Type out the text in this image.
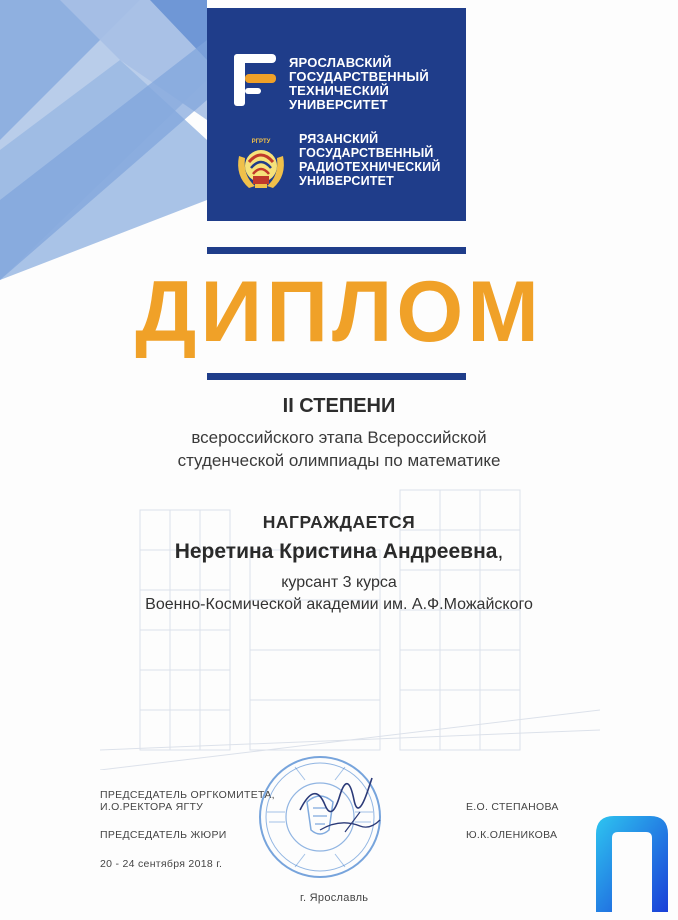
ЯРОСЛАВСКИЙ
ГОСУДАРСТВЕННЫЙ
ТЕХНИЧЕСКИЙ
УНИВЕРСИТЕТ
РГРТУ РЯЗАНСКИЙ
ГОСУДАРСТВЕННЫЙ
РАДИОТЕХНИЧЕСКИЙ
УНИВЕРСИТЕТ
ДИПЛОМ
II СТЕПЕНИ
всероссийского этапа Всероссийской
студенческой олимпиады по математике
НАГРАЖДАЕТСЯ
Неретина Кристина Андреевна,
курсант 3 курса
Военно-Космической академии им. А.Ф.Можайского
ПРЕДСЕДАТЕЛЬ ОРГКОМИТЕТА,
И.О.РЕКТОРА ЯГТУ	Е.О. СТЕПАНОВА
ПРЕДСЕДАТЕЛЬ ЖЮРИ	Ю.К.ОЛЕНИКОВА
20 - 24 сентября 2018 г.
г. Ярославль
